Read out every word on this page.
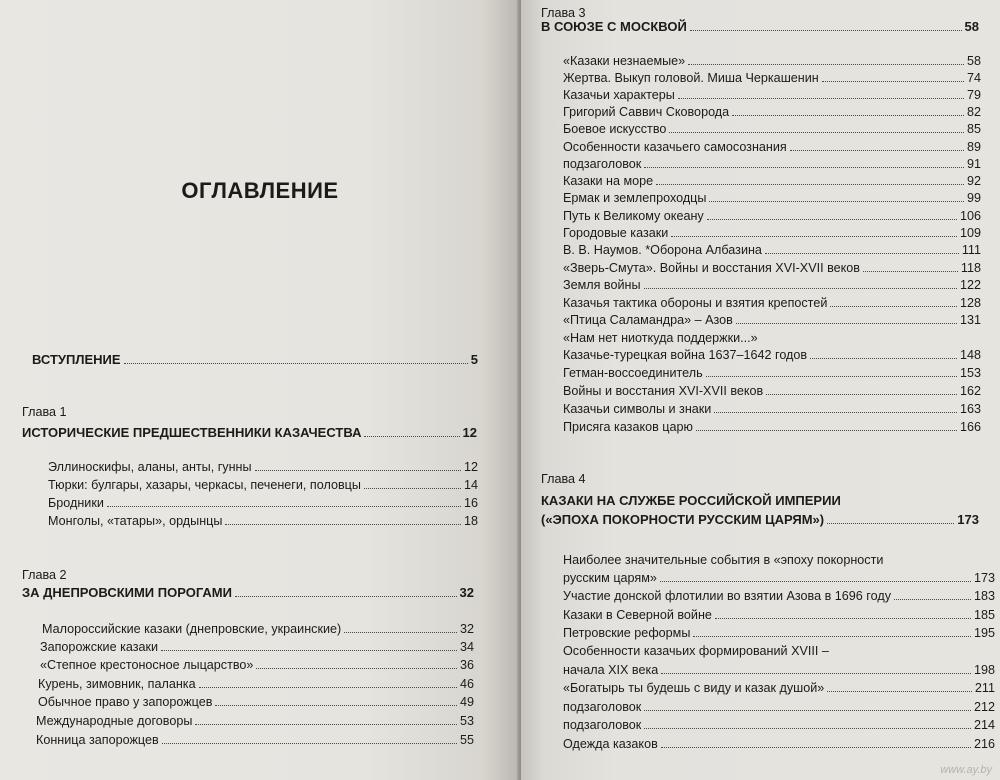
ОГЛАВЛЕНИЕ
ВСТУПЛЕНИЕ	5
Глава 1
ИСТОРИЧЕСКИЕ ПРЕДШЕСТВЕННИКИ КАЗАЧЕСТВА	12
Эллиноскифы, аланы, анты, гунны	12
Тюрки: булгары, хазары, черкасы, печенеги, половцы	14
Бродники	16
Монголы, «татары», ордынцы	18
Глава 2
ЗА ДНЕПРОВСКИМИ ПОРОГАМИ	32
Малороссийские казаки (днепровские, украинские)	32
Запорожские казаки	34
«Степное крестоносное лыцарство»	36
Курень, зимовник, паланка	46
Обычное право у запорожцев	49
Международные договоры	53
Конница запорожцев	55
Глава 3
В СОЮЗЕ С МОСКВОЙ	58
«Казаки незнаемые»	58
Жертва. Выкуп головой. Миша Черкашенин	74
Казачьи характеры	79
Григорий Саввич Сковорода	82
Боевое искусство	85
Особенности казачьего самосознания	89
подзаголовок	91
Казаки на море	92
Ермак и землепроходцы	99
Путь к Великому океану	106
Городовые казаки	109
В. В. Наумов. *Оборона Албазина	111
«Зверь-Смута». Войны и восстания XVI-XVII веков	118
Земля войны	122
Казачья тактика обороны и взятия крепостей	128
«Птица Саламандра» – Азов	131
«Нам нет ниоткуда поддержки...»
Казачье-турецкая война 1637–1642 годов	148
Гетман-воссоединитель	153
Войны и восстания XVI-XVII веков	162
Казачьи символы и знаки	163
Присяга казаков царю	166
Глава 4
КАЗАКИ НА СЛУЖБЕ РОССИЙСКОЙ ИМПЕРИИ
(«ЭПОХА ПОКОРНОСТИ РУССКИМ ЦАРЯМ»)	173
Наиболее значительные события в «эпоху покорности
русским царям»	173
Участие донской флотилии во взятии Азова в 1696 году	183
Казаки в Северной войне	185
Петровские реформы	195
Особенности казачьих формирований XVIII –
начала XIX века	198
«Богатырь ты будешь с виду и казак душой»	211
подзаголовок	212
подзаголовок	214
Одежда казаков	216
www.ay.by
